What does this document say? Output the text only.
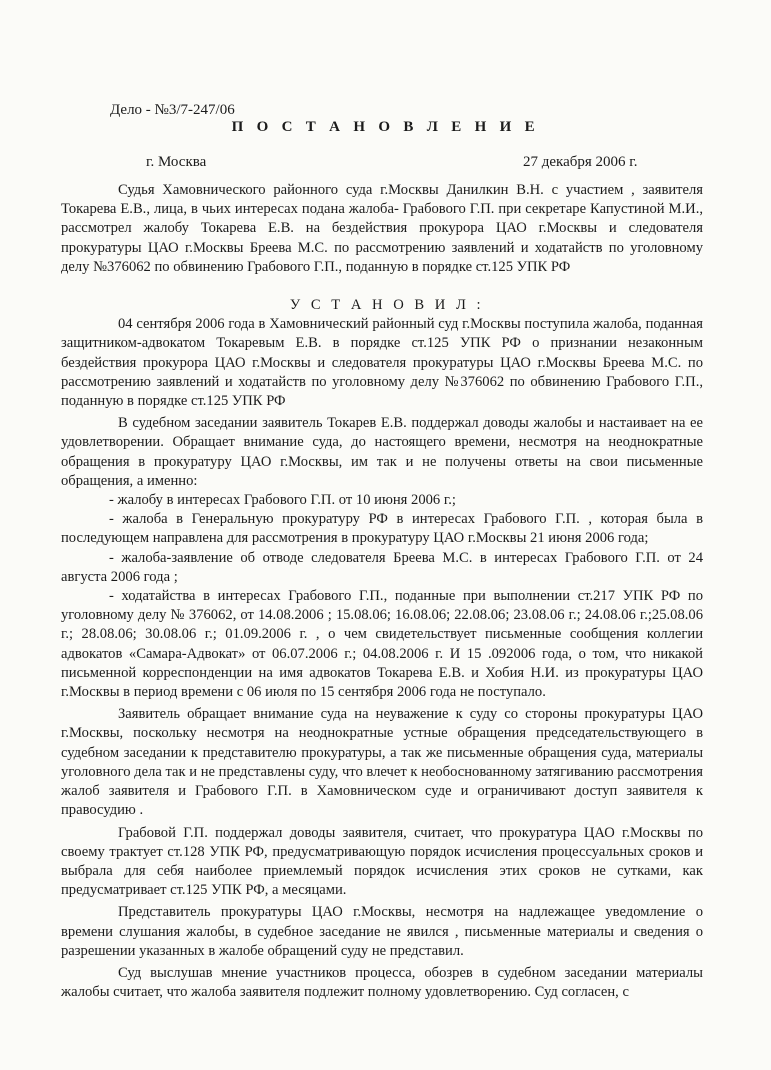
Дело - №3/7-247/06
П О С Т А Н О В Л Е Н И Е
г. Москва	27 декабря 2006 г.

Судья Хамовнического районного суда г.Москвы Данилкин В.Н. с участием , заявителя Токарева Е.В., лица, в чьих интересах подана жалоба- Грабового Г.П. при секретаре Капустиной М.И., рассмотрел жалобу Токарева Е.В. на бездействия прокурора ЦАО г.Москвы и следователя прокуратуры ЦАО г.Москвы Бреева М.С. по рассмотрению заявлений и ходатайств по уголовному делу №376062 по обвинению Грабового Г.П., поданную в порядке ст.125 УПК РФ

У С Т А Н О В И Л :

04 сентября 2006 года в Хамовнический районный суд г.Москвы поступила жалоба, поданная защитником-адвокатом Токаревым Е.В. в порядке ст.125 УПК РФ о признании незаконным бездействия прокурора ЦАО г.Москвы и следователя прокуратуры ЦАО г.Москвы Бреева М.С. по рассмотрению заявлений и ходатайств по уголовному делу №376062 по обвинению Грабового Г.П., поданную в порядке ст.125 УПК РФ

В судебном заседании заявитель Токарев Е.В. поддержал доводы жалобы и настаивает на ее удовлетворении. Обращает внимание суда, до настоящего времени, несмотря на неоднократные обращения в прокуратуру ЦАО г.Москвы, им так и не получены ответы на свои письменные обращения, а именно:

- жалобу в интересах Грабового Г.П. от 10 июня 2006 г.;

- жалоба в Генеральную прокуратуру РФ в интересах Грабового Г.П. , которая была в последующем направлена для рассмотрения в прокуратуру ЦАО г.Москвы 21 июня 2006 года;

- жалоба-заявление об отводе следователя Бреева М.С. в интересах Грабового Г.П. от 24 августа 2006 года ;

- ходатайства в интересах Грабового Г.П., поданные при выполнении ст.217 УПК РФ по уголовному делу № 376062, от 14.08.2006 ; 15.08.06; 16.08.06; 22.08.06; 23.08.06 г.; 24.08.06 г.;25.08.06 г.; 28.08.06; 30.08.06 г.; 01.09.2006 г. , о чем свидетельствует письменные сообщения коллегии адвокатов «Самара-Адвокат» от 06.07.2006 г.; 04.08.2006 г. И 15 .092006 года, о том, что никакой письменной корреспонденции на имя адвокатов Токарева Е.В. и Хобия Н.И. из прокуратуры ЦАО г.Москвы в период времени с 06 июля по 15 сентября 2006 года не поступало.

Заявитель обращает внимание суда на неуважение к суду со стороны прокуратуры ЦАО г.Москвы, поскольку несмотря на неоднократные устные обращения председательствующего в судебном заседании к представителю прокуратуры, а так же письменные обращения суда, материалы уголовного дела так и не представлены суду, что влечет к необоснованному затягиванию рассмотрения жалоб заявителя и Грабового Г.П. в Хамовническом суде и ограничивают доступ заявителя к правосудию .

Грабовой Г.П. поддержал доводы заявителя, считает, что прокуратура ЦАО г.Москвы по своему трактует ст.128 УПК РФ, предусматривающую порядок исчисления процессуальных сроков и выбрала для себя наиболее приемлемый порядок исчисления этих сроков не сутками, как предусматривает ст.125 УПК РФ, а месяцами.

Представитель прокуратуры ЦАО г.Москвы, несмотря на надлежащее уведомление о времени слушания жалобы, в судебное заседание не явился , письменные материалы и сведения о разрешении указанных в жалобе обращений суду не представил.

Суд выслушав мнение участников процесса, обозрев в судебном заседании материалы жалобы считает, что жалоба заявителя подлежит полному удовлетворению. Суд согласен, с
